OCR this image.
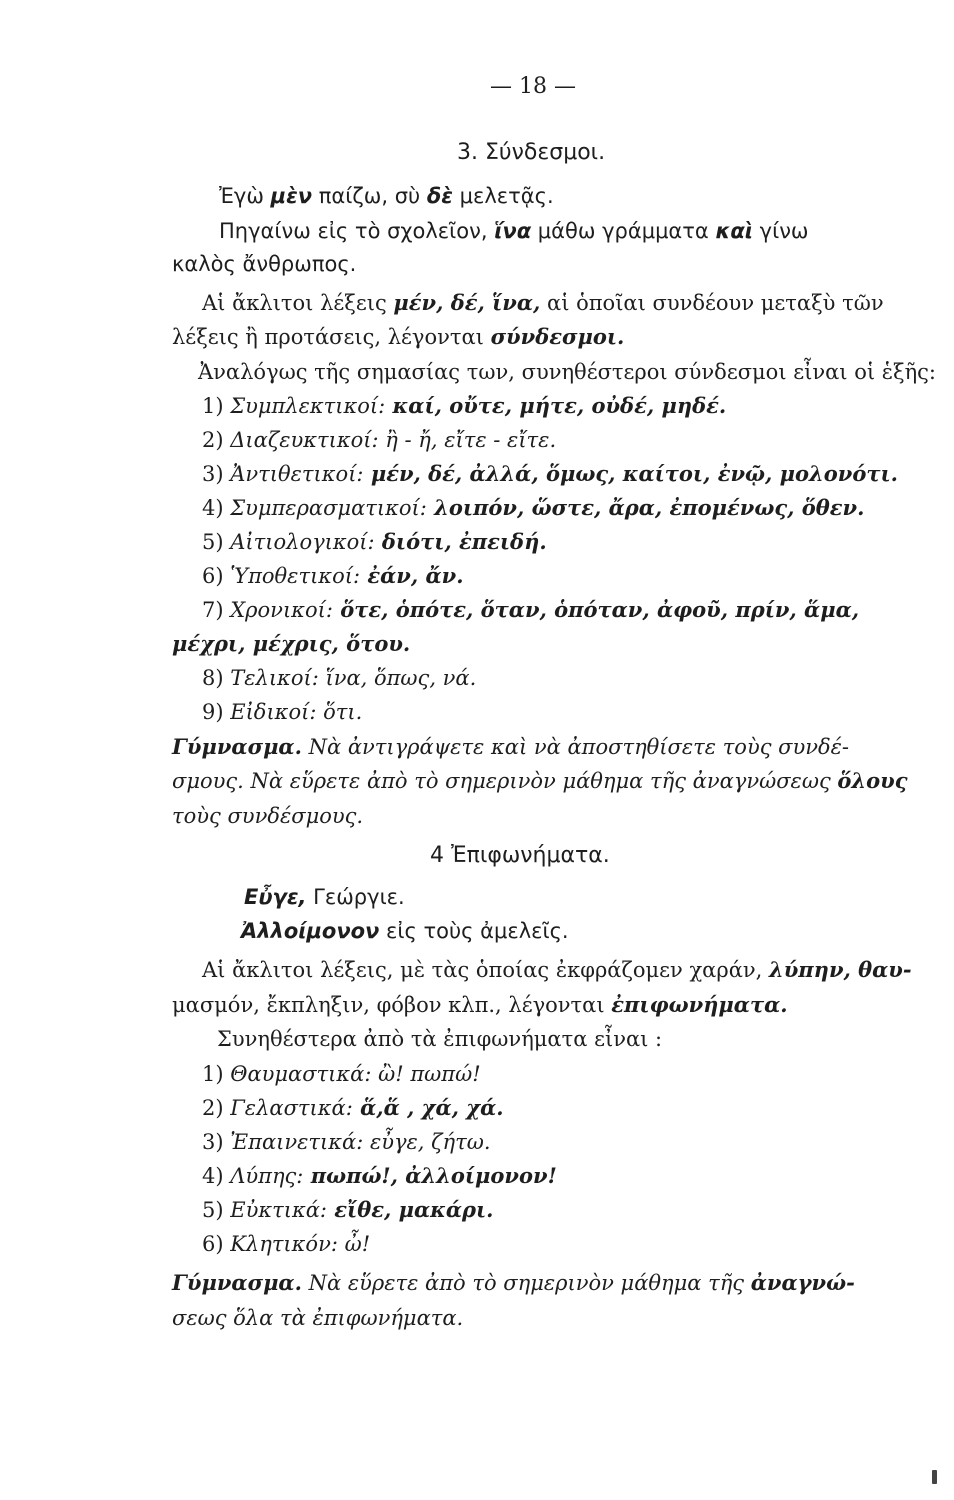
— 18 —
3. Σύνδεσμοι.
Ἐγὼ μὲν παίζω, σὺ δὲ μελετᾷς.
Πηγαίνω εἰς τὸ σχολεῖον, ἵνα μάθω γράμματα καὶ γίνω
καλὸς ἄνθρωπος.
Αἱ ἄκλιτοι λέξεις μέν, δέ, ἵνα, αἱ ὁποῖαι συνδέουν μεταξὺ τῶν
λέξεις ἢ προτάσεις, λέγονται σύνδεσμοι.
Ἀναλόγως τῆς σημασίας των, συνηθέστεροι σύνδεσμοι εἶναι οἱ ἑξῆς:
1) Συμπλεκτικοί: καί, οὔτε, μήτε, οὐδέ, μηδέ.
2) Διαζευκτικοί: ἢ - ἤ, εἴτε - εἴτε.
3) Ἀντιθετικοί: μέν, δέ, ἀλλά, ὅμως, καίτοι, ἐνῷ, μολονότι.
4) Συμπερασματικοί: λοιπόν, ὥστε, ἄρα, ἐπομένως, ὅθεν.
5) Αἰτιολογικοί: διότι, ἐπειδή.
6) Ὑποθετικοί: ἐάν, ἄν.
7) Χρονικοί: ὅτε, ὁπότε, ὅταν, ὁπόταν, ἀφοῦ, πρίν, ἅμα,
μέχρι, μέχρις, ὅτου.
8) Τελικοί: ἵνα, ὅπως, νά.
9) Εἰδικοί: ὅτι.
Γύμνασμα. Νὰ ἀντιγράψετε καὶ νὰ ἀποστηθίσετε τοὺς συνδέ-
σμους. Νὰ εὕρετε ἀπὸ τὸ σημερινὸν μάθημα τῆς ἀναγνώσεως ὅλους
τοὺς συνδέσμους.
4 Ἐπιφωνήματα.
Εὖγε, Γεώργιε.
Ἀλλοίμονον εἰς τοὺς ἀμελεῖς.
Αἱ ἄκλιτοι λέξεις, μὲ τὰς ὁποίας ἐκφράζομεν χαράν, λύπην, θαυ-
μασμόν, ἔκπληξιν, φόβον κλπ., λέγονται ἐπιφωνήματα.
Συνηθέστερα ἀπὸ τὰ ἐπιφωνήματα εἶναι :
1) Θαυμαστικά: ὢ! πωπώ!
2) Γελαστικά: ἅ,ἅ , χά, χά.
3) Ἐπαινετικά: εὖγε, ζήτω.
4) Λύπης: πωπώ!, ἀλλοίμονον!
5) Εὐκτικά: εἴθε, μακάρι.
6) Κλητικόν: ὦ!
Γύμνασμα. Νὰ εὕρετε ἀπὸ τὸ σημερινὸν μάθημα τῆς ἀναγνώ-
σεως ὅλα τὰ ἐπιφωνήματα.
